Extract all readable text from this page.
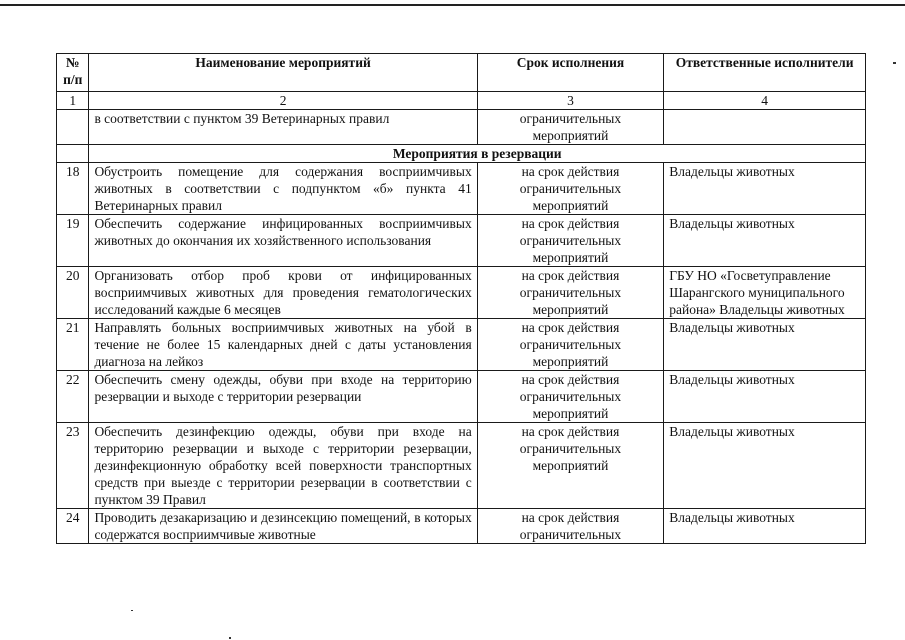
№
п/п	Наименование мероприятий	Срок исполнения	Ответственные исполнители
1	2	3	4
	в соответствии с пунктом 39 Ветеринарных правил	ограничительных мероприятий	
	Мероприятия в резервации		
18	Обустроить помещение для содержания восприимчивых животных в соответствии с подпунктом «б» пункта 41 Ветеринарных правил	на срок действия ограничительных мероприятий	Владельцы животных
19	Обеспечить содержание инфицированных восприимчивых животных до окончания их хозяйственного использования	на срок действия ограничительных мероприятий	Владельцы животных
20	Организовать отбор проб крови от инфицированных восприимчивых животных для проведения гематологических исследований каждые 6 месяцев	на срок действия ограничительных мероприятий	ГБУ НО «Госветуправление Шарангского муниципального района» Владельцы животных
21	Направлять больных восприимчивых животных на убой в течение не более 15 календарных дней с даты установления диагноза на лейкоз	на срок действия ограничительных мероприятий	Владельцы животных
22	Обеспечить смену одежды, обуви при входе на территорию резервации и выходе с территории резервации	на срок действия ограничительных мероприятий	Владельцы животных
23	Обеспечить дезинфекцию одежды, обуви при входе на территорию резервации и выходе с территории резервации, дезинфекционную обработку всей поверхности транспортных средств при выезде с территории резервации в соответствии с пунктом 39 Правил	на срок действия ограничительных мероприятий	Владельцы животных
24	Проводить дезакаризацию и дезинсекцию помещений, в которых содержатся восприимчивые животные	на срок действия ограничительных	Владельцы животных
